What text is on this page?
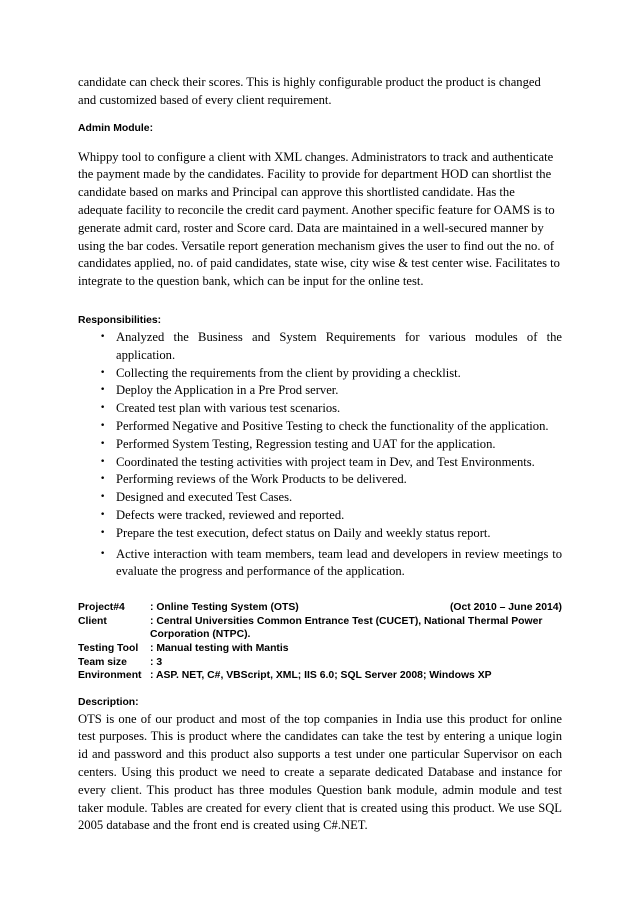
candidate can check their scores. This is highly configurable product the product is changed and customized based of every client requirement.

Admin Module:

Whippy tool to configure a client with XML changes. Administrators to track and authenticate the payment made by the candidates. Facility to provide for department HOD can shortlist the candidate based on marks and Principal can approve this shortlisted candidate. Has the adequate facility to reconcile the credit card payment. Another specific feature for OAMS is to generate admit card, roster and Score card. Data are maintained in a well-secured manner by using the bar codes. Versatile report generation mechanism gives the user to find out the no. of candidates applied, no. of paid candidates, state wise, city wise & test center wise. Facilitates to integrate to the question bank, which can be input for the online test.

Responsibilities:
• Analyzed the Business and System Requirements for various modules of the application.
• Collecting the requirements from the client by providing a checklist.
• Deploy the Application in a Pre Prod server.
• Created test plan with various test scenarios.
• Performed Negative and Positive Testing to check the functionality of the application.
• Performed System Testing, Regression testing and UAT for the application.
• Coordinated the testing activities with project team in Dev, and Test Environments.
• Performing reviews of the Work Products to be delivered.
• Designed and executed Test Cases.
• Defects were tracked, reviewed and reported.
• Prepare the test execution, defect status on Daily and weekly status report.
• Active interaction with team members, team lead and developers in review meetings to evaluate the progress and performance of the application.
Project#4	: Online Testing System (OTS)	(Oct 2010 – June 2014)
Client	: Central Universities Common Entrance Test (CUCET), National Thermal Power Corporation (NTPC).
Testing Tool	: Manual testing with Mantis
Team size	: 3
Environment : ASP. NET, C#, VBScript, XML; IIS 6.0; SQL Server 2008; Windows XP
Description:

OTS is one of our product and most of the top companies in India use this product for online test purposes. This is product where the candidates can take the test by entering a unique login id and password and this product also supports a test under one particular Supervisor on each centers. Using this product we need to create a separate dedicated Database and instance for every client. This product has three modules Question bank module, admin module and test taker module. Tables are created for every client that is created using this product. We use SQL 2005 database and the front end is created using C#.NET.
